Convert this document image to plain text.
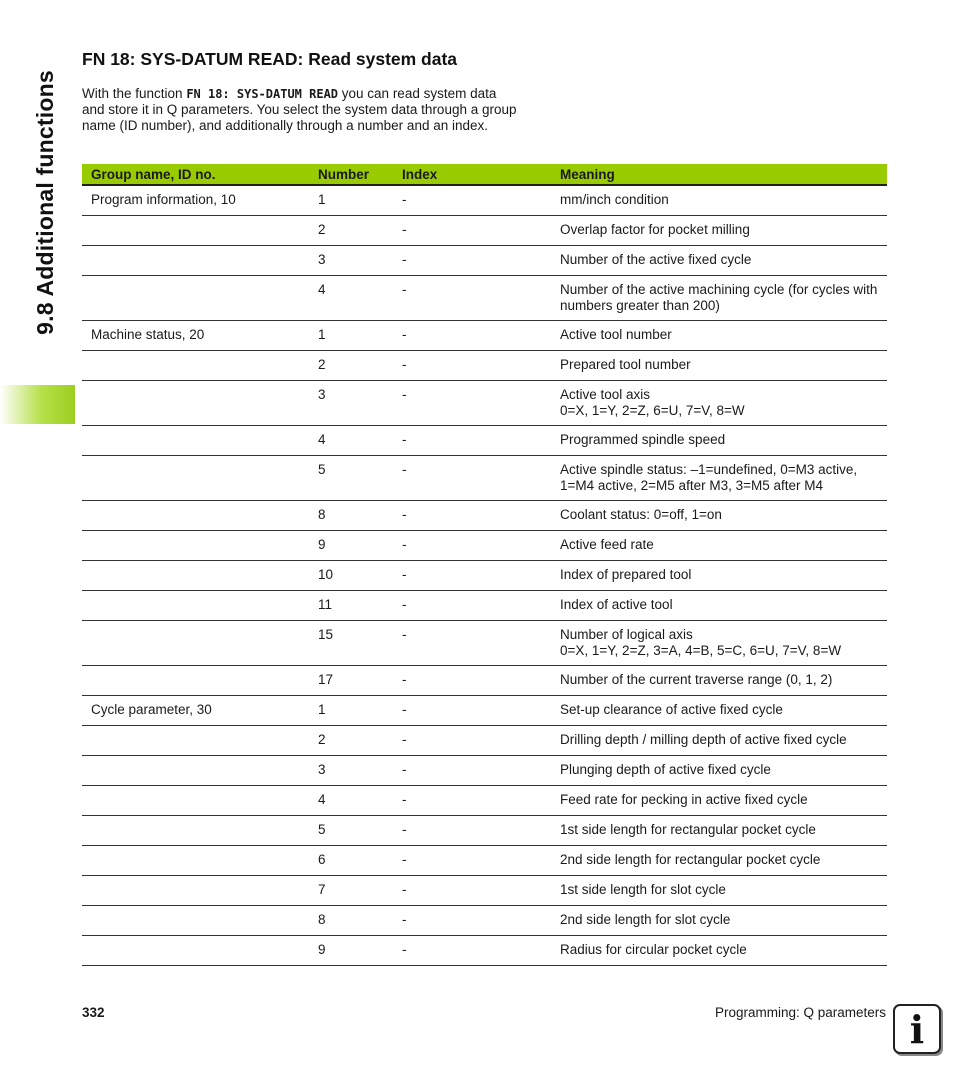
9.8 Additional functions
FN 18: SYS-DATUM READ: Read system data

With the function FN 18: SYS-DATUM READ you can read system data and store it in Q parameters. You select the system data through a group name (ID number), and additionally through a number and an index.

Group name, ID no.	Number	Index	Meaning
Program information, 10	1	-	mm/inch condition
	2	-	Overlap factor for pocket milling
	3	-	Number of the active fixed cycle
	4	-	Number of the active machining cycle (for cycles with numbers greater than 200)
Machine status, 20	1	-	Active tool number
	2	-	Prepared tool number
	3	-	Active tool axis
0=X, 1=Y, 2=Z, 6=U, 7=V, 8=W
	4	-	Programmed spindle speed
	5	-	Active spindle status: –1=undefined, 0=M3 active, 1=M4 active, 2=M5 after M3, 3=M5 after M4
	8	-	Coolant status: 0=off, 1=on
	9	-	Active feed rate
	10	-	Index of prepared tool
	11	-	Index of active tool
	15	-	Number of logical axis
0=X, 1=Y, 2=Z, 3=A, 4=B, 5=C, 6=U, 7=V, 8=W
	17	-	Number of the current traverse range (0, 1, 2)
Cycle parameter, 30	1	-	Set-up clearance of active fixed cycle
	2	-	Drilling depth / milling depth of active fixed cycle
	3	-	Plunging depth of active fixed cycle
	4	-	Feed rate for pecking in active fixed cycle
	5	-	1st side length for rectangular pocket cycle
	6	-	2nd side length for rectangular pocket cycle
	7	-	1st side length for slot cycle
	8	-	2nd side length for slot cycle
	9	-	Radius for circular pocket cycle
332	Programming: Q parameters i
